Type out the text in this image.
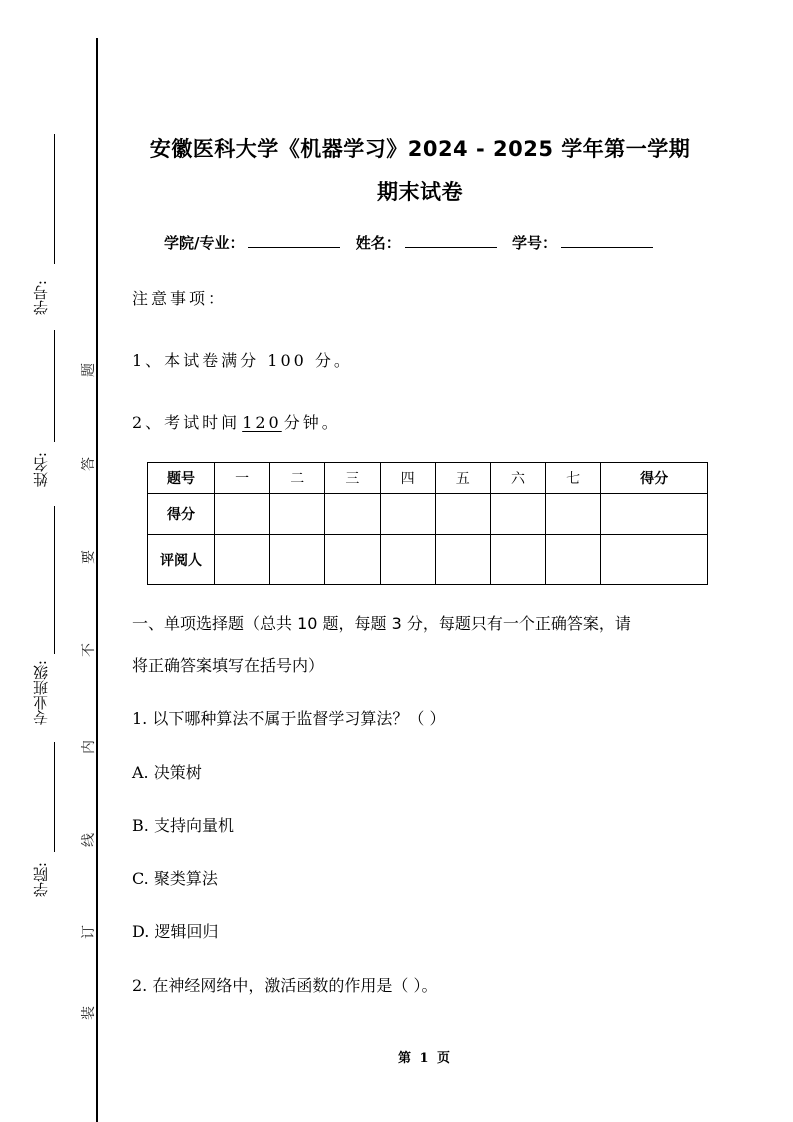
学号:
姓名:
专业班级:
学院:
题
答
要
不
内
线
订
装
安徽医科大学《机器学习》2024 - 2025 学年第一学期
期末试卷
学院/专业：	姓名：	学号：
注意事项：
1、本试卷满分 100 分。
2、考试时间 120 分钟。
题号	一	二	三	四	五	六	七	得分
得分								
评阅人								
一、单项选择题（总共 10 题，每题 3 分，每题只有一个正确答案，请
将正确答案填写在括号内）
1. 以下哪种算法不属于监督学习算法？（ ）
A. 决策树
B. 支持向量机
C. 聚类算法
D. 逻辑回归
2. 在神经网络中，激活函数的作用是（ ）。
第 1 页
